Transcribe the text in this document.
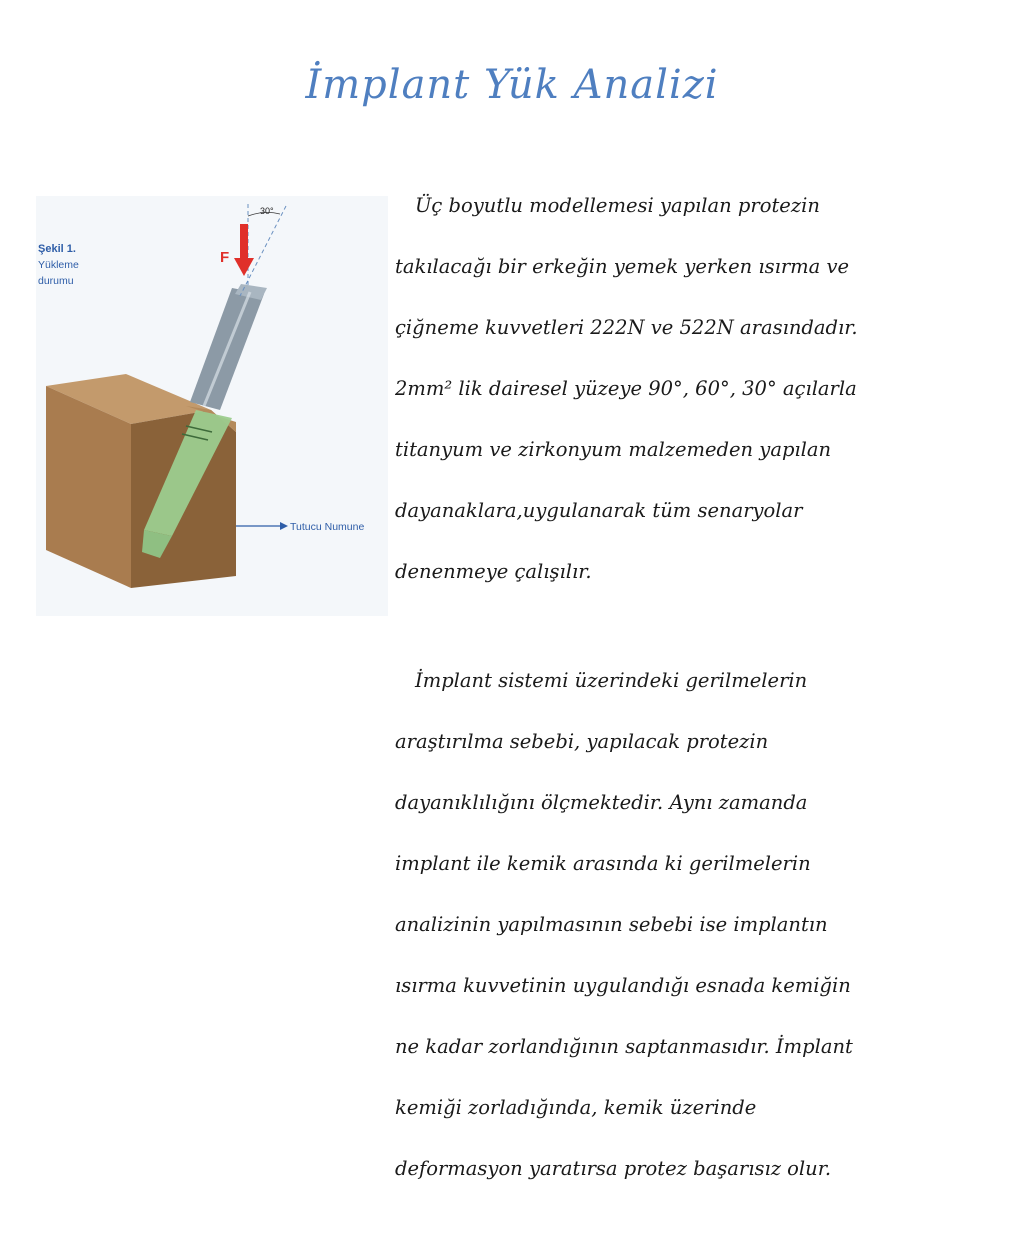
İmplant Yük Analizi
Şekil 1.
Yükleme
durumu
30°
F
Tutucu Numune

Üç boyutlu modellemesi yapılan protezin

takılacağı bir erkeğin yemek yerken ısırma ve

çiğneme kuvvetleri 222N ve 522N arasındadır.

2mm² lik dairesel yüzeye 90°, 60°, 30° açılarla

titanyum ve zirkonyum malzemeden yapılan

dayanaklara,uygulanarak tüm senaryolar

denenmeye çalışılır.

İmplant sistemi üzerindeki gerilmelerin

araştırılma sebebi, yapılacak protezin

dayanıklılığını ölçmektedir. Aynı zamanda

implant ile kemik arasında ki gerilmelerin

analizinin yapılmasının sebebi ise implantın

ısırma kuvvetinin uygulandığı esnada kemiğin

ne kadar zorlandığının saptanmasıdır. İmplant

kemiği zorladığında, kemik üzerinde

deformasyon yaratırsa protez başarısız olur.
